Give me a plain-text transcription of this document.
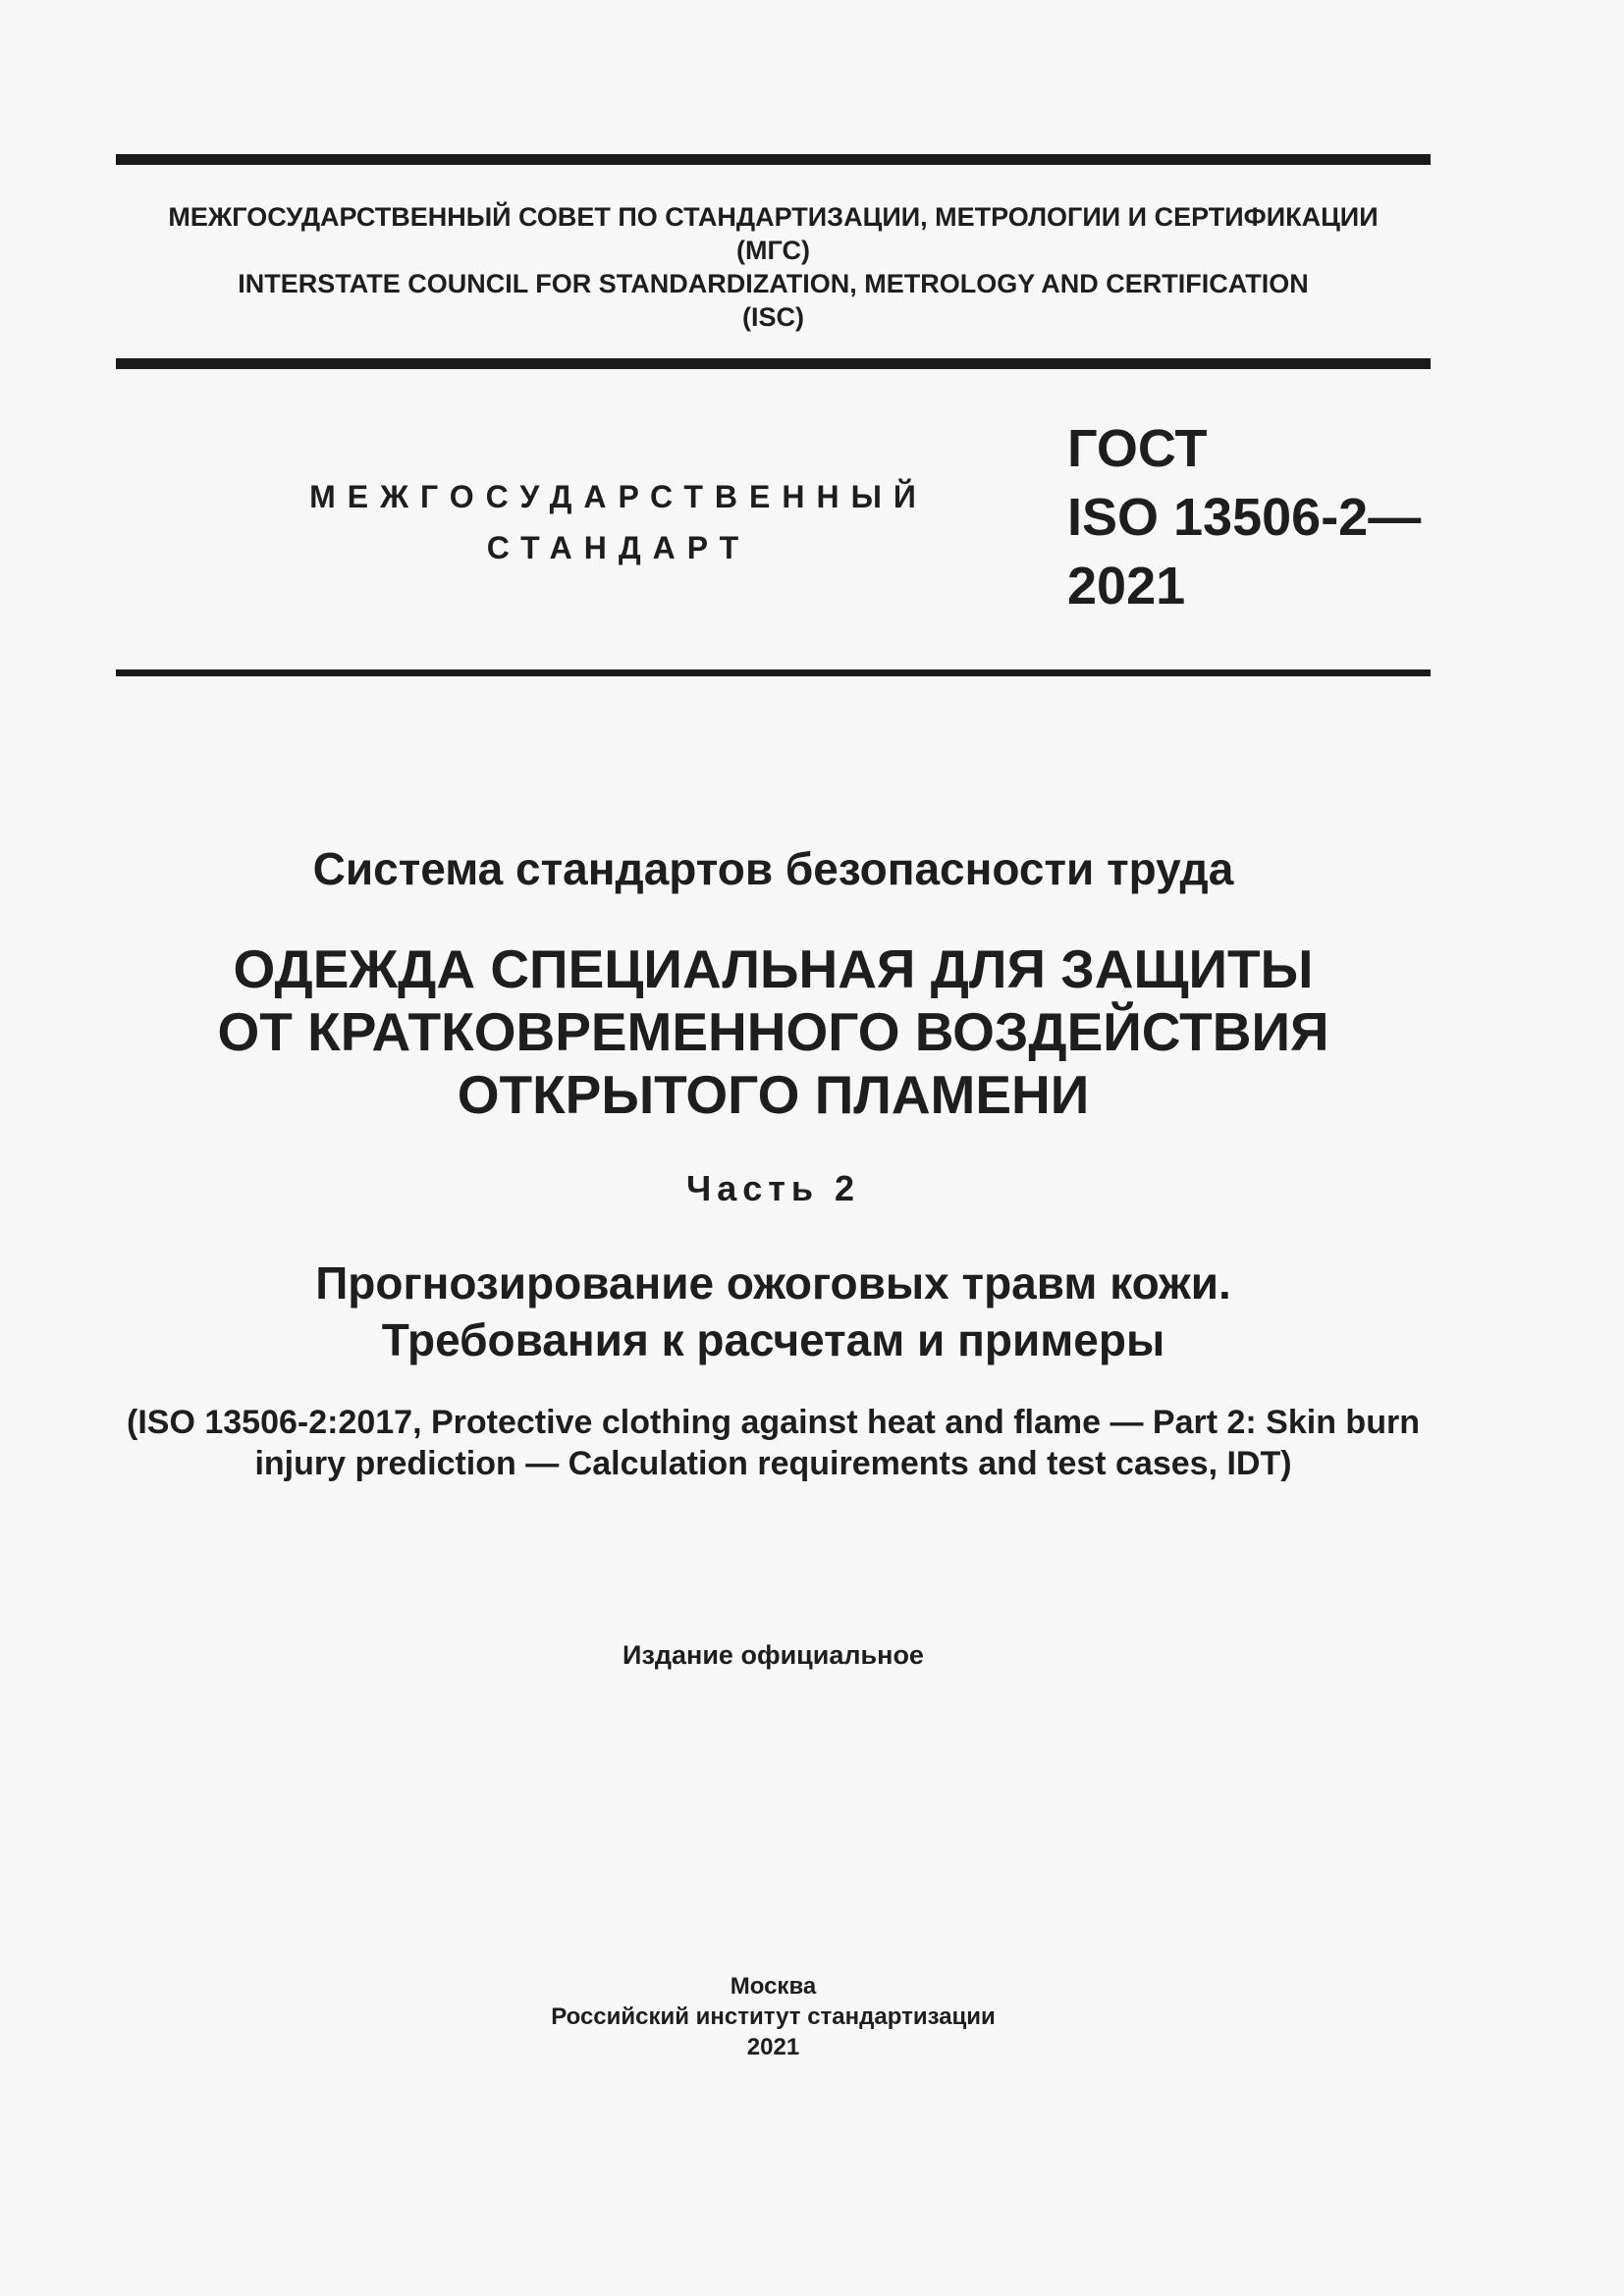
МЕЖГОСУДАРСТВЕННЫЙ СОВЕТ ПО СТАНДАРТИЗАЦИИ, МЕТРОЛОГИИ И СЕРТИФИКАЦИИ
(МГС)
INTERSTATE COUNCIL FOR STANDARDIZATION, METROLOGY AND CERTIFICATION
(ISC)
МЕЖГОСУДАРСТВЕННЫЙ
СТАНДАРТ
ГОСТ
ISO 13506-2—
2021
Система стандартов безопасности труда
ОДЕЖДА СПЕЦИАЛЬНАЯ ДЛЯ ЗАЩИТЫ
ОТ КРАТКОВРЕМЕННОГО ВОЗДЕЙСТВИЯ
ОТКРЫТОГО ПЛАМЕНИ
Часть 2
Прогнозирование ожоговых травм кожи.
Требования к расчетам и примеры
(ISO 13506-2:2017, Protective clothing against heat and flame — Part 2: Skin burn
injury prediction — Calculation requirements and test cases, IDT)
Издание официальное
Москва
Российский институт стандартизации
2021
